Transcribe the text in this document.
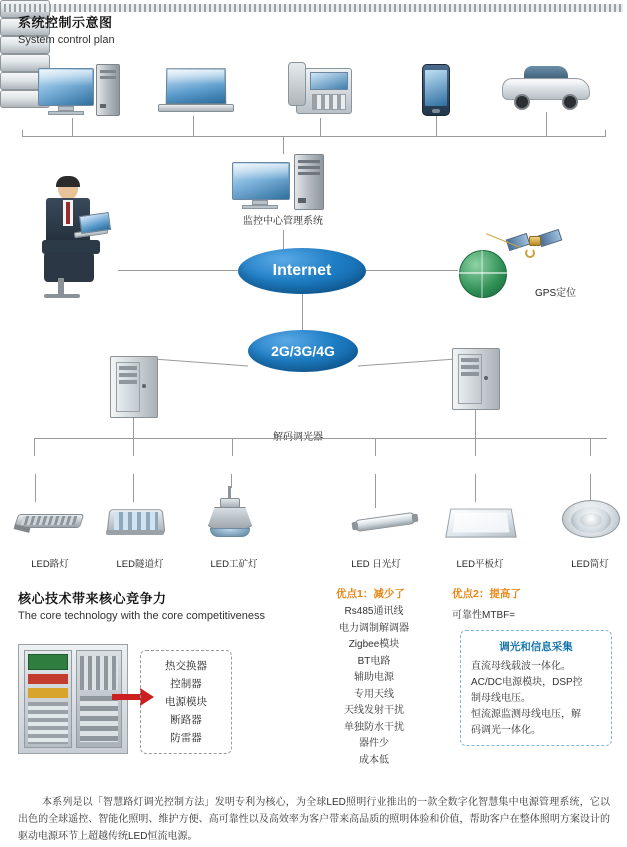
系统控制示意图
System control plan
监控中心管理系统
Internet
GPS定位
2G/3G/4G
LED路灯	LED隧道灯	LED工矿灯	LED 日光灯	LED平板灯	LED筒灯
核心技术带来核心竞争力
The core technology with the core competitiveness
热交换器
控制器
电源模块
断路器
防雷器
优点1：减少了
Rs485通讯线
电力调制解调器
Zigbee模块
BT电路
辅助电源
专用天线
天线发射干扰
单独防水干扰
器件少
成本低
优点2：提高了
可靠性MTBF=
调光和信息采集
直流母线载波一体化。
AC/DC电源模块，DSP控
制母线电压。
恒流源监测母线电压，解
码调光一体化。
本系列是以「智慧路灯调光控制方法」发明专利为核心，为全球LED照明行业推出的一款全数字化智慧集中电源管理系统，它以出色的全球遥控、智能化照明、维护方便、高可靠性以及高效率为客户带来高品质的照明体验和价值，帮助客户在整体照明方案设计的驱动电源环节上超越传统LED恒流电源。
